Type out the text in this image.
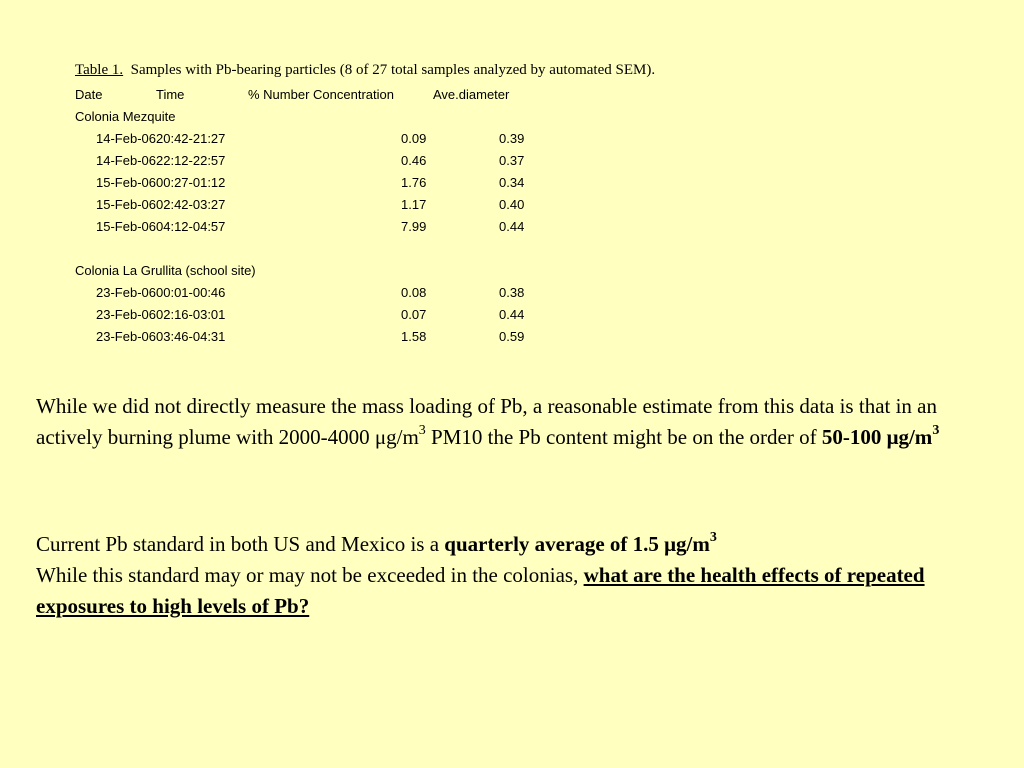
Table 1. Samples with Pb-bearing particles (8 of 27 total samples analyzed by automated SEM).
Date	Time	% Number Concentration	Ave.diameter
Colonia Mezquite
14-Feb-06 20:42-21:27	0.09	0.39
14-Feb-06 22:12-22:57	0.46	0.37
15-Feb-06 00:27-01:12	1.76	0.34
15-Feb-06 02:42-03:27	1.17	0.40
15-Feb-06 04:12-04:57	7.99	0.44
Colonia La Grullita (school site)
23-Feb-06 00:01-00:46	0.08	0.38
23-Feb-06 02:16-03:01	0.07	0.44
23-Feb-06 03:46-04:31	1.58	0.59

While we did not directly measure the mass loading of Pb, a reasonable estimate from this data is that in an actively burning plume with 2000-4000 $\mu g/m^3$ PM10 the Pb content might be on the order of 50-100 $\mu g/m^3$

Current Pb standard in both US and Mexico is a quarterly average of 1.5 $\mu g/m^3$
While this standard may or may not be exceeded in the colonias, what are the health effects of repeated exposures to high levels of Pb?
